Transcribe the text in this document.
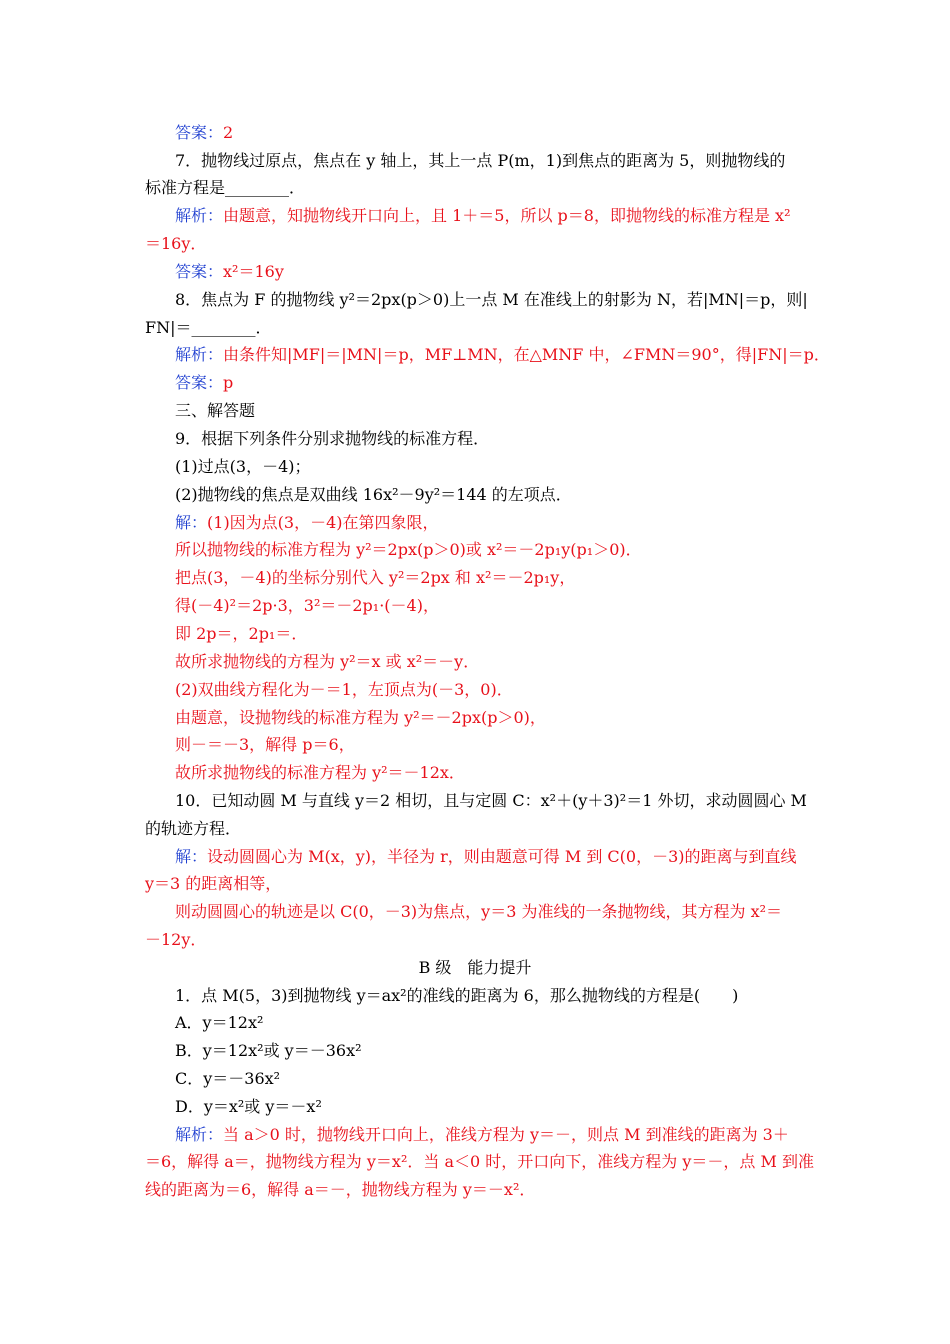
答案：2
7．抛物线过原点，焦点在 y 轴上，其上一点 P(m，1)到焦点的距离为 5，则抛物线的
标准方程是________．
解析：由题意，知抛物线开口向上，且 1＋＝5，所以 p＝8，即抛物线的标准方程是 x²
＝16y．
答案：x²＝16y
8．焦点为 F 的抛物线 y²＝2px(p＞0)上一点 M 在准线上的射影为 N，若|MN|＝p，则|
FN|＝________．
解析：由条件知|MF|＝|MN|＝p，MF⊥MN，在△MNF 中，∠FMN＝90°，得|FN|＝p．
答案：p
三、解答题
9．根据下列条件分别求抛物线的标准方程．
(1)过点(3，－4)；
(2)抛物线的焦点是双曲线 16x²－9y²＝144 的左项点．
解：(1)因为点(3，－4)在第四象限，
所以抛物线的标准方程为 y²＝2px(p＞0)或 x²＝－2p₁y(p₁＞0)．
把点(3，－4)的坐标分别代入 y²＝2px 和 x²＝－2p₁y，
得(－4)²＝2p·3，3²＝－2p₁·(－4)，
即 2p＝，2p₁＝．
故所求抛物线的方程为 y²＝x 或 x²＝－y．
(2)双曲线方程化为－＝1，左顶点为(－3，0)．
由题意，设抛物线的标准方程为 y²＝－2px(p＞0)，
则－＝－3，解得 p＝6，
故所求抛物线的标准方程为 y²＝－12x．
10．已知动圆 M 与直线 y＝2 相切，且与定圆 C：x²＋(y＋3)²＝1 外切，求动圆圆心 M
的轨迹方程．
解：设动圆圆心为 M(x，y)，半径为 r，则由题意可得 M 到 C(0，－3)的距离与到直线
y＝3 的距离相等，
则动圆圆心的轨迹是以 C(0，－3)为焦点，y＝3 为准线的一条抛物线，其方程为 x²＝
－12y．
B 级　能力提升
1．点 M(5，3)到抛物线 y＝ax²的准线的距离为 6，那么抛物线的方程是(　　)
A．y＝12x²
B．y＝12x²或 y＝－36x²
C．y＝－36x²
D．y＝x²或 y＝－x²
解析：当 a＞0 时，抛物线开口向上，准线方程为 y＝－，则点 M 到准线的距离为 3＋
＝6，解得 a＝，抛物线方程为 y＝x²．当 a＜0 时，开口向下，准线方程为 y＝－，点 M 到准
线的距离为＝6，解得 a＝－，抛物线方程为 y＝－x²．
